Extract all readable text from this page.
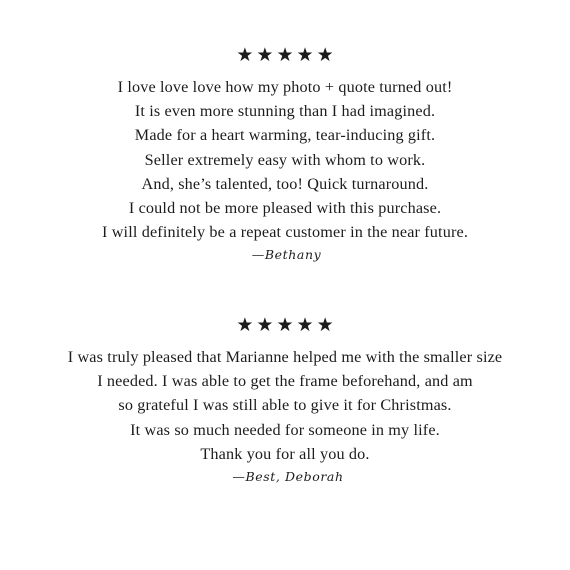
★ ★ ★ ★ ★
I love love love how my photo + quote turned out!
It is even more stunning than I had imagined.
Made for a heart warming, tear-inducing gift.
Seller extremely easy with whom to work.
And, she’s talented, too! Quick turnaround.
I could not be more pleased with this purchase.
I will definitely be a repeat customer in the near future.
—Bethany
★ ★ ★ ★ ★
I was truly pleased that Marianne helped me with the smaller size
I needed. I was able to get the frame beforehand, and am
so grateful I was still able to give it for Christmas.
It was so much needed for someone in my life.
Thank you for all you do.
—Best, Deborah
